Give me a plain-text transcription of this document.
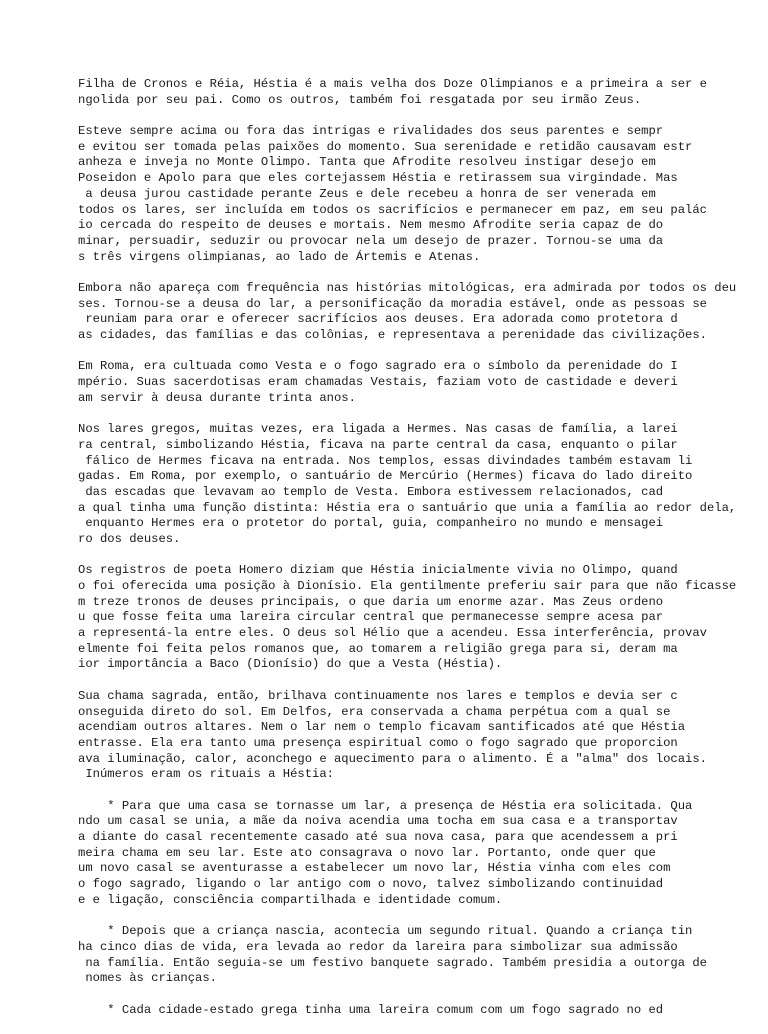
Filha de Cronos e Réia, Héstia é a mais velha dos Doze Olimpianos e a primeira a ser e
ngolida por seu pai. Como os outros, também foi resgatada por seu irmão Zeus.
Esteve sempre acima ou fora das intrigas e rivalidades dos seus parentes e sempr
e evitou ser tomada pelas paixões do momento. Sua serenidade e retidão causavam estr
anheza e inveja no Monte Olimpo. Tanta que Afrodite resolveu instigar desejo em
Poseidon e Apolo para que eles cortejassem Héstia e retirassem sua virgindade. Mas
a deusa jurou castidade perante Zeus e dele recebeu a honra de ser venerada em
todos os lares, ser incluída em todos os sacrifícios e permanecer em paz, em seu palác
io cercada do respeito de deuses e mortais. Nem mesmo Afrodite seria capaz de do
minar, persuadir, seduzir ou provocar nela um desejo de prazer. Tornou-se uma da
s três virgens olimpianas, ao lado de Ártemis e Atenas.
Embora não apareça com frequência nas histórias mitológicas, era admirada por todos os deu
ses. Tornou-se a deusa do lar, a personificação da moradia estável, onde as pessoas se
reuniam para orar e oferecer sacrifícios aos deuses. Era adorada como protetora d
as cidades, das famílias e das colônias, e representava a perenidade das civilizações.
Em Roma, era cultuada como Vesta e o fogo sagrado era o símbolo da perenidade do I
mpério. Suas sacerdotisas eram chamadas Vestais, faziam voto de castidade e deveri
am servir à deusa durante trinta anos.
Nos lares gregos, muitas vezes, era ligada a Hermes. Nas casas de família, a larei
ra central, simbolizando Héstia, ficava na parte central da casa, enquanto o pilar
fálico de Hermes ficava na entrada. Nos templos, essas divindades também estavam li
gadas. Em Roma, por exemplo, o santuário de Mercúrio (Hermes) ficava do lado direito
das escadas que levavam ao templo de Vesta. Embora estivessem relacionados, cad
a qual tinha uma função distinta: Héstia era o santuário que unia a família ao redor dela,
enquanto Hermes era o protetor do portal, guia, companheiro no mundo e mensagei
ro dos deuses.
Os registros de poeta Homero diziam que Héstia inicialmente vivia no Olimpo, quand
o foi oferecida uma posição à Dionísio. Ela gentilmente preferiu sair para que não ficasse
m treze tronos de deuses principais, o que daria um enorme azar. Mas Zeus ordeno
u que fosse feita uma lareira circular central que permanecesse sempre acesa par
a representá-la entre eles. O deus sol Hélio que a acendeu. Essa interferência, provav
elmente foi feita pelos romanos que, ao tomarem a religião grega para si, deram ma
ior importância a Baco (Dionísio) do que a Vesta (Héstia).
Sua chama sagrada, então, brilhava continuamente nos lares e templos e devia ser c
onseguida direto do sol. Em Delfos, era conservada a chama perpétua com a qual se
acendiam outros altares. Nem o lar nem o templo ficavam santificados até que Héstia
entrasse. Ela era tanto uma presença espiritual como o fogo sagrado que proporcion
ava iluminação, calor, aconchego e aquecimento para o alimento. É a "alma" dos locais.
Inúmeros eram os rituais a Héstia:
* Para que uma casa se tornasse um lar, a presença de Héstia era solicitada. Qua
ndo um casal se unia, a mãe da noiva acendia uma tocha em sua casa e a transportav
a diante do casal recentemente casado até sua nova casa, para que acendessem a pri
meira chama em seu lar. Este ato consagrava o novo lar. Portanto, onde quer que
um novo casal se aventurasse a estabelecer um novo lar, Héstia vinha com eles com
o fogo sagrado, ligando o lar antigo com o novo, talvez simbolizando continuidad
e e ligação, consciência compartilhada e identidade comum.
* Depois que a criança nascia, acontecia um segundo ritual. Quando a criança tin
ha cinco dias de vida, era levada ao redor da lareira para simbolizar sua admissão
na família. Então seguia-se um festivo banquete sagrado. Também presidia a outorga de
nomes às crianças.
* Cada cidade-estado grega tinha uma lareira comum com um fogo sagrado no ed
